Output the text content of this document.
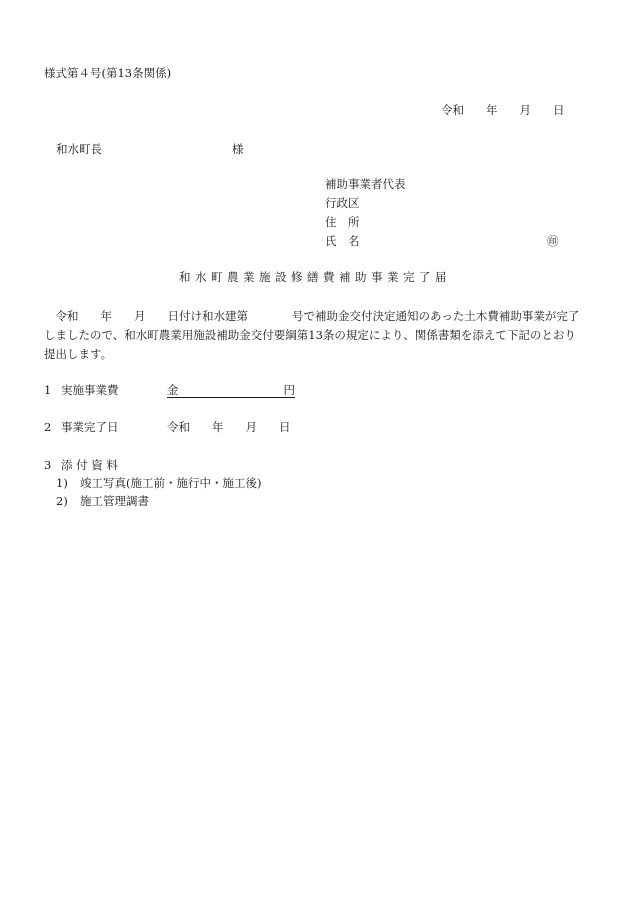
様式第４号(第13条関係)
令和 年 月 日
和水町長	様
補助事業者代表
行政区
住　所
氏　名	㊞
和水町農業施設修繕費補助事業完了届
　令和 年 月 日付け和水建第	号で補助金交付決定通知のあった土木費補助事業が完了
しましたので、和水町農業用施設補助金交付要綱第13条の規定により、関係書類を添えて下記のとおり
提出します。
1 実施事業費	金	円
2 事業完了日	令和 年 月 日
3 添 付 資 料
1) 竣工写真(施工前・施行中・施工後)
2) 施工管理調書
